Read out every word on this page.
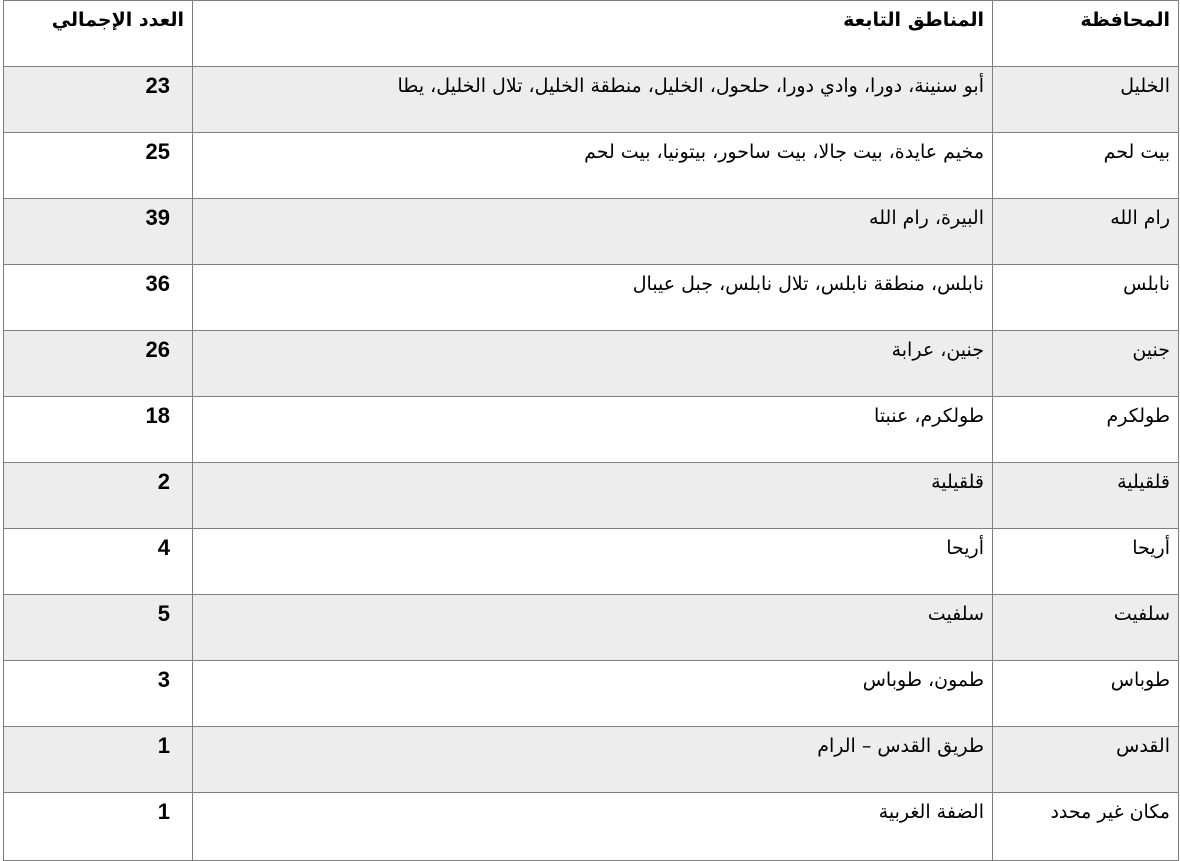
المحافظة	المناطق التابعة	العدد الإجمالي
الخليل	أبو سنينة، دورا، وادي دورا، حلحول، الخليل، منطقة الخليل، تلال الخليل، يطا	23
بيت لحم	مخيم عايدة، بيت جالا، بيت ساحور، بيتونيا، بيت لحم	25
رام الله	البيرة، رام الله	39
نابلس	نابلس، منطقة نابلس، تلال نابلس، جبل عيبال	36
جنين	جنين، عرابة	26
طولكرم	طولكرم، عنبتا	18
قلقيلية	قلقيلية	2
أريحا	أريحا	4
سلفيت	سلفيت	5
طوباس	طمون، طوباس	3
القدس	طريق القدس – الرام	1
مكان غير محدد	الضفة الغربية	1
